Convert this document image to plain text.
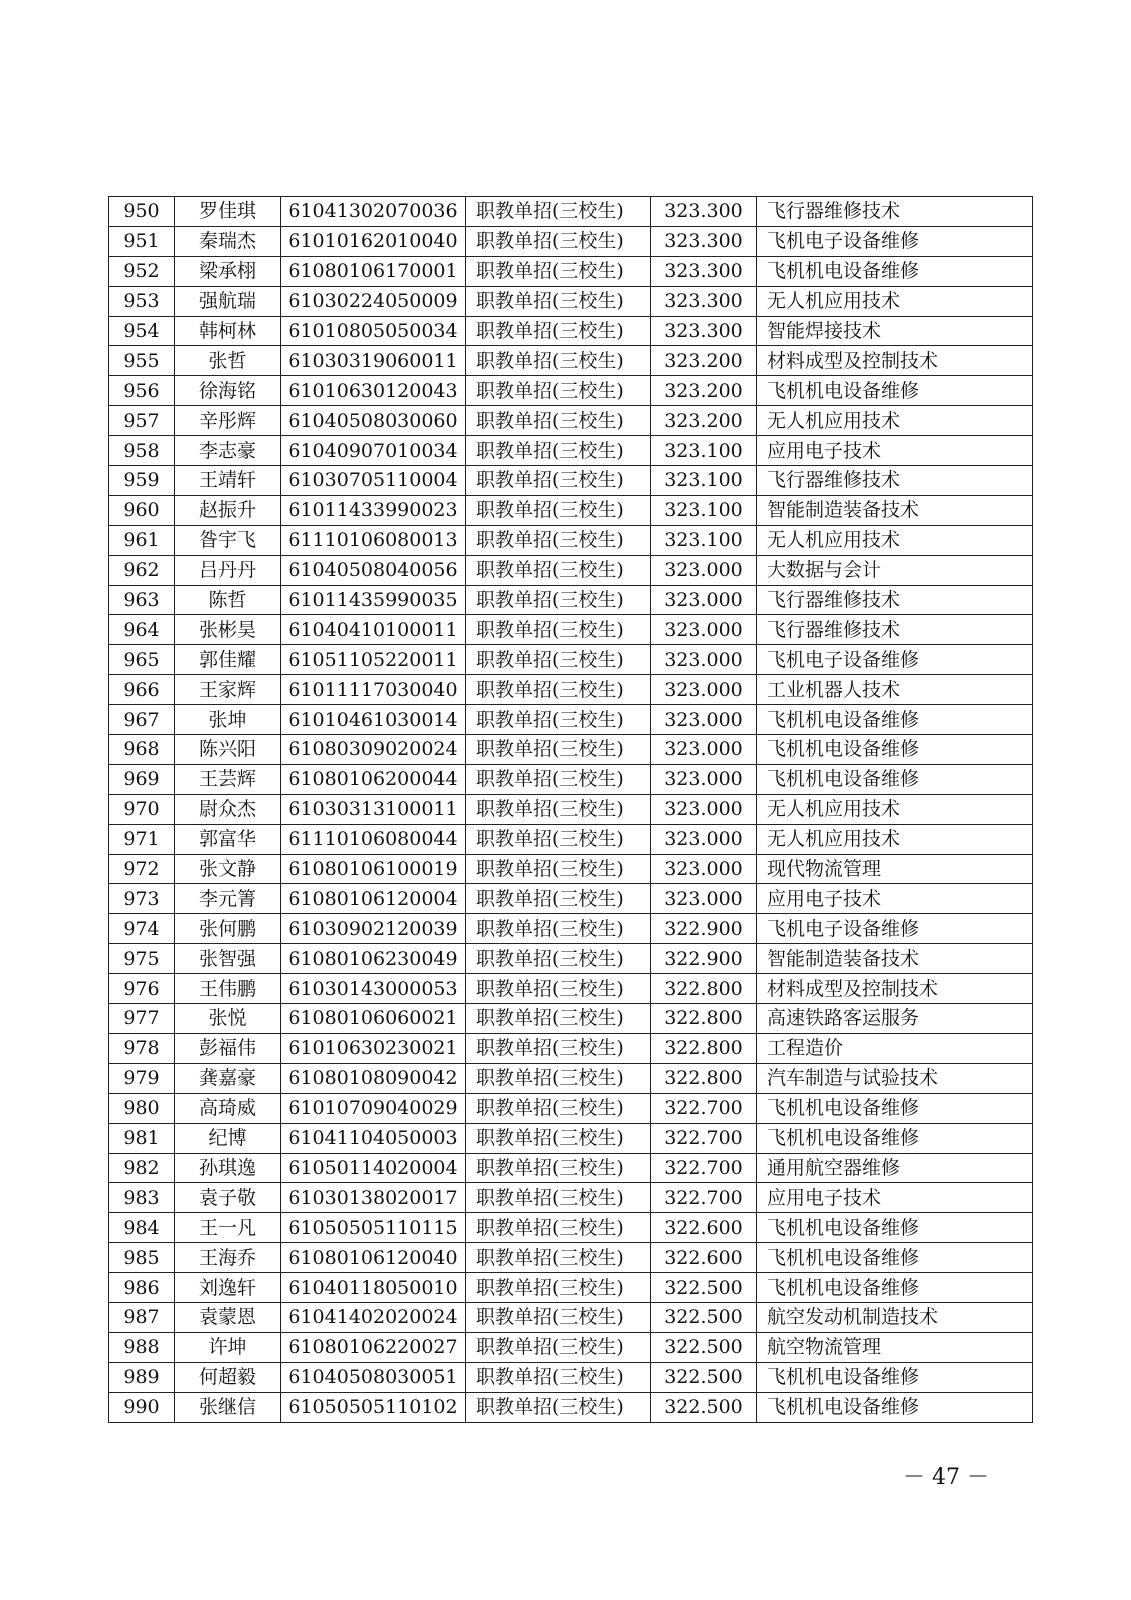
950	罗佳琪	61041302070036	职教单招(三校生)	323.300	飞行器维修技术
951	秦瑞杰	61010162010040	职教单招(三校生)	323.300	飞机电子设备维修
952	梁承栩	61080106170001	职教单招(三校生)	323.300	飞机机电设备维修
953	强航瑞	61030224050009	职教单招(三校生)	323.300	无人机应用技术
954	韩柯林	61010805050034	职教单招(三校生)	323.300	智能焊接技术
955	张哲	61030319060011	职教单招(三校生)	323.200	材料成型及控制技术
956	徐海铭	61010630120043	职教单招(三校生)	323.200	飞机机电设备维修
957	辛彤辉	61040508030060	职教单招(三校生)	323.200	无人机应用技术
958	李志豪	61040907010034	职教单招(三校生)	323.100	应用电子技术
959	王靖轩	61030705110004	职教单招(三校生)	323.100	飞行器维修技术
960	赵振升	61011433990023	职教单招(三校生)	323.100	智能制造装备技术
961	昝宇飞	61110106080013	职教单招(三校生)	323.100	无人机应用技术
962	吕丹丹	61040508040056	职教单招(三校生)	323.000	大数据与会计
963	陈哲	61011435990035	职教单招(三校生)	323.000	飞行器维修技术
964	张彬昊	61040410100011	职教单招(三校生)	323.000	飞行器维修技术
965	郭佳耀	61051105220011	职教单招(三校生)	323.000	飞机电子设备维修
966	王家辉	61011117030040	职教单招(三校生)	323.000	工业机器人技术
967	张坤	61010461030014	职教单招(三校生)	323.000	飞机机电设备维修
968	陈兴阳	61080309020024	职教单招(三校生)	323.000	飞机机电设备维修
969	王芸辉	61080106200044	职教单招(三校生)	323.000	飞机机电设备维修
970	尉众杰	61030313100011	职教单招(三校生)	323.000	无人机应用技术
971	郭富华	61110106080044	职教单招(三校生)	323.000	无人机应用技术
972	张文静	61080106100019	职教单招(三校生)	323.000	现代物流管理
973	李元箐	61080106120004	职教单招(三校生)	323.000	应用电子技术
974	张何鹏	61030902120039	职教单招(三校生)	322.900	飞机电子设备维修
975	张智强	61080106230049	职教单招(三校生)	322.900	智能制造装备技术
976	王伟鹏	61030143000053	职教单招(三校生)	322.800	材料成型及控制技术
977	张悦	61080106060021	职教单招(三校生)	322.800	高速铁路客运服务
978	彭福伟	61010630230021	职教单招(三校生)	322.800	工程造价
979	龚嘉豪	61080108090042	职教单招(三校生)	322.800	汽车制造与试验技术
980	高琦威	61010709040029	职教单招(三校生)	322.700	飞机机电设备维修
981	纪博	61041104050003	职教单招(三校生)	322.700	飞机机电设备维修
982	孙琪逸	61050114020004	职教单招(三校生)	322.700	通用航空器维修
983	袁子敬	61030138020017	职教单招(三校生)	322.700	应用电子技术
984	王一凡	61050505110115	职教单招(三校生)	322.600	飞机机电设备维修
985	王海乔	61080106120040	职教单招(三校生)	322.600	飞机机电设备维修
986	刘逸轩	61040118050010	职教单招(三校生)	322.500	飞机机电设备维修
987	袁蒙恩	61041402020024	职教单招(三校生)	322.500	航空发动机制造技术
988	许坤	61080106220027	职教单招(三校生)	322.500	航空物流管理
989	何超毅	61040508030051	职教单招(三校生)	322.500	飞机机电设备维修
990	张继信	61050505110102	职教单招(三校生)	322.500	飞机机电设备维修
－ 47 －
